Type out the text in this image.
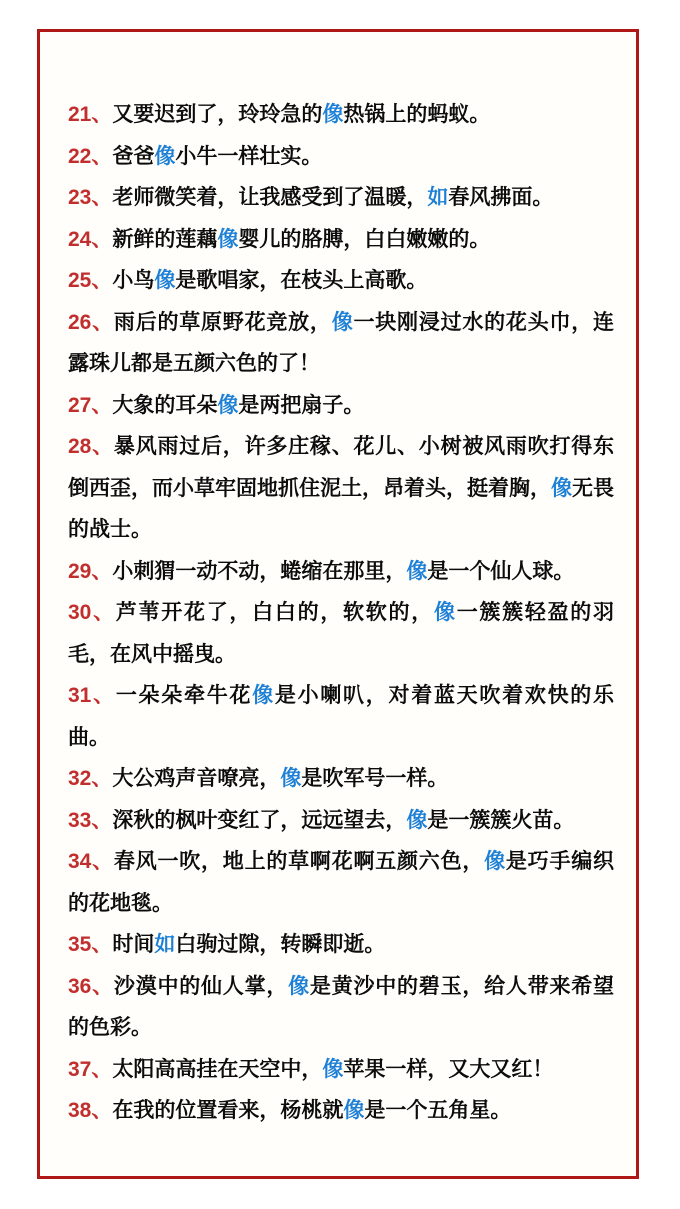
21、又要迟到了，玲玲急的像热锅上的蚂蚁。

22、爸爸像小牛一样壮实。

23、老师微笑着，让我感受到了温暖，如春风拂面。

24、新鲜的莲藕像婴儿的胳膊，白白嫩嫩的。

25、小鸟像是歌唱家，在枝头上高歌。

26、雨后的草原野花竞放，像一块刚浸过水的花头巾，连露珠儿都是五颜六色的了！

27、大象的耳朵像是两把扇子。

28、暴风雨过后，许多庄稼、花儿、小树被风雨吹打得东倒西歪，而小草牢固地抓住泥土，昂着头，挺着胸，像无畏的战士。

29、小刺猬一动不动，蜷缩在那里，像是一个仙人球。

30、芦苇开花了，白白的，软软的，像一簇簇轻盈的羽毛，在风中摇曳。

31、一朵朵牵牛花像是小喇叭，对着蓝天吹着欢快的乐曲。

32、大公鸡声音嘹亮，像是吹军号一样。

33、深秋的枫叶变红了，远远望去，像是一簇簇火苗。

34、春风一吹，地上的草啊花啊五颜六色，像是巧手编织的花地毯。

35、时间如白驹过隙，转瞬即逝。

36、沙漠中的仙人掌，像是黄沙中的碧玉，给人带来希望的色彩。

37、太阳高高挂在天空中，像苹果一样，又大又红！

38、在我的位置看来，杨桃就像是一个五角星。
